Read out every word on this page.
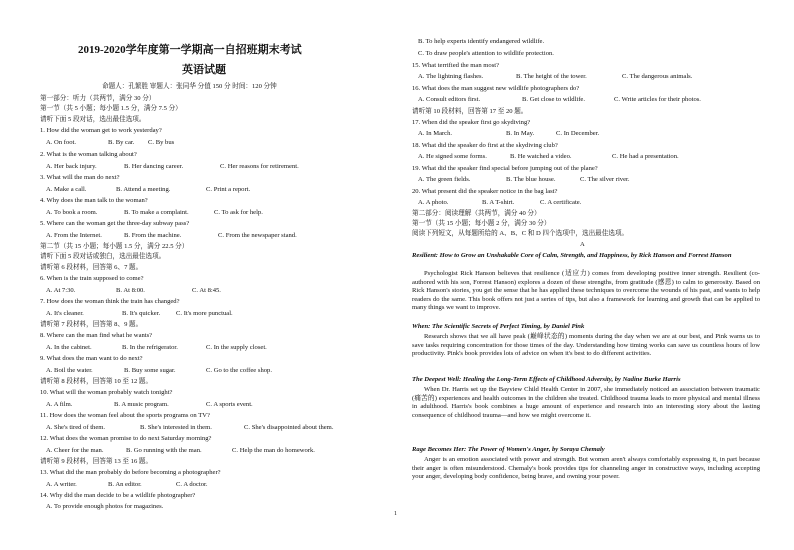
2019-2020学年度第一学期高一自招班期末考试
英语试题
命题人：孔繁胜 审题人：张同华 分值 150 分 时间：120 分钟
第一部分：听力（共两节，满分 30 分）
第一节（共 5 小题；每小题 1.5 分，满分 7.5 分）
请听下面 5 段对话，选出最佳选项。
1. How did the woman get to work yesterday?
A. On foot.	B. By car. C. By bus
2. What is the woman talking about?
A. Her back injury.	B. Her dancing career.	C. Her reasons for retirement.
3. What will the man do next?
A. Make a call.	B. Attend a meeting.	C. Print a report.
4. Why does the man talk to the woman?
A. To book a room.	B. To make a complaint.	C. To ask for help.
5. Where can the woman get the three-day subway pass?
A. From the Internet.	B. From the machine.	C. From the newspaper stand.
第二节（共 15 小题；每小题 1.5 分，满分 22.5 分）
请听下面 5 段对话或独白，选出最佳选项。
请听第 6 段材料，回答第 6、7 题。
6. When is the train supposed to come?
A. At 7:30.	B. At 8:00.	C. At 8:45.
7. How does the woman think the train has changed?
A. It's cleaner.	B. It's quicker. C. It's more punctual.
请听第 7 段材料，回答第 8、9 题。
8. Where can the man find what he wants?
A. In the cabinet.	B. In the refrigerator.	C. In the supply closet.
9. What does the man want to do next?
A. Boil the water.	B. Buy some sugar.	C. Go to the coffee shop.
请听第 8 段材料，回答第 10 至 12 题。
10. What will the woman probably watch tonight?
A. A film.	B. A music program.	C. A sports event.
11. How does the woman feel about the sports programs on TV?
A. She's tired of them.	B. She's interested in them.	C. She's disappointed about them.
12. What does the woman promise to do next Saturday morning?
A. Cheer for the man.	B. Go running with the man.	C. Help the man do homework.
请听第 9 段材料，回答第 13 至 16 题。
13. What did the man probably do before becoming a photographer?
A. A writer.	B. An editor.	C. A doctor.
14. Why did the man decide to be a wildlife photographer?
A. To provide enough photos for magazines.
B. To help experts identify endangered wildlife.
C. To draw people's attention to wildlife protection.
15. What terrified the man most?
A. The lightning flashes.	B. The height of the tower.	C. The dangerous animals.
16. What does the man suggest new wildlife photographers do?
A. Consult editors first.	B. Get close to wildlife.	C. Write articles for their photos.
请听第 10 段材料，回答第 17 至 20 题。
17. When did the speaker first go skydiving?
A. In March.	B. In May.	C. In December.
18. What did the speaker do first at the skydiving club?
A. He signed some forms.	B. He watched a video.	C. He had a presentation.
19. What did the speaker find special before jumping out of the plane?
A. The green fields.	B. The blue house.	C. The silver river.
20. What present did the speaker notice in the bag last?
A. A photo.	B. A T-shirt.	C. A certificate.
第二部分：阅读理解（共两节，满分 40 分）
第一节（共 15 小题；每小题 2 分，满分 30 分）
阅读下列短文，从每题所给的 A、B、C 和 D 四个选项中，选出最佳选项。
A
Resilient: How to Grow an Unshakable Core of Calm, Strength, and Happiness, by Rick Hanson and Forrest Hanson
Psychologist Rick Hanson believes that resilience (适应力) comes from developing positive inner strength. Resilient (co-authored with his son, Forrest Hanson) explores a dozen of these strengths, from gratitude (感恩) to calm to generosity. Based on Rick Hanson's stories, you get the sense that he has applied these techniques to overcome the wounds of his past, and wants to help readers do the same. This book offers not just a series of tips, but also a framework for learning and growth that can be applied to many things we want to improve.
When: The Scientific Secrets of Perfect Timing, by Daniel Pink
Research shows that we all have peak (巅峰状态的) moments during the day when we are at our best, and Pink warns us to save tasks requiring concentration for those times of the day. Understanding how timing works can save us countless hours of low productivity. Pink's book provides lots of advice on when it's best to do different activities.
The Deepest Well: Healing the Long-Term Effects of Childhood Adversity, by Nadine Burke Harris
When Dr. Harris set up the Bayview Child Health Center in 2007, she immediately noticed an association between traumatic (痛苦的) experiences and health outcomes in the children she treated. Childhood trauma leads to more physical and mental illness in adulthood. Harris's book combines a huge amount of experience and research into an interesting story about the lasting consequence of childhood trauma—and how we might overcome it.
Rage Becomes Her: The Power of Women's Anger, by Soraya Chemaly
Anger is an emotion associated with power and strength. But women aren't always comfortably expressing it, in part because their anger is often misunderstood. Chemaly's book provides tips for channeling anger in constructive ways, including accepting your anger, developing body confidence, being brave, and owning your power.
1
